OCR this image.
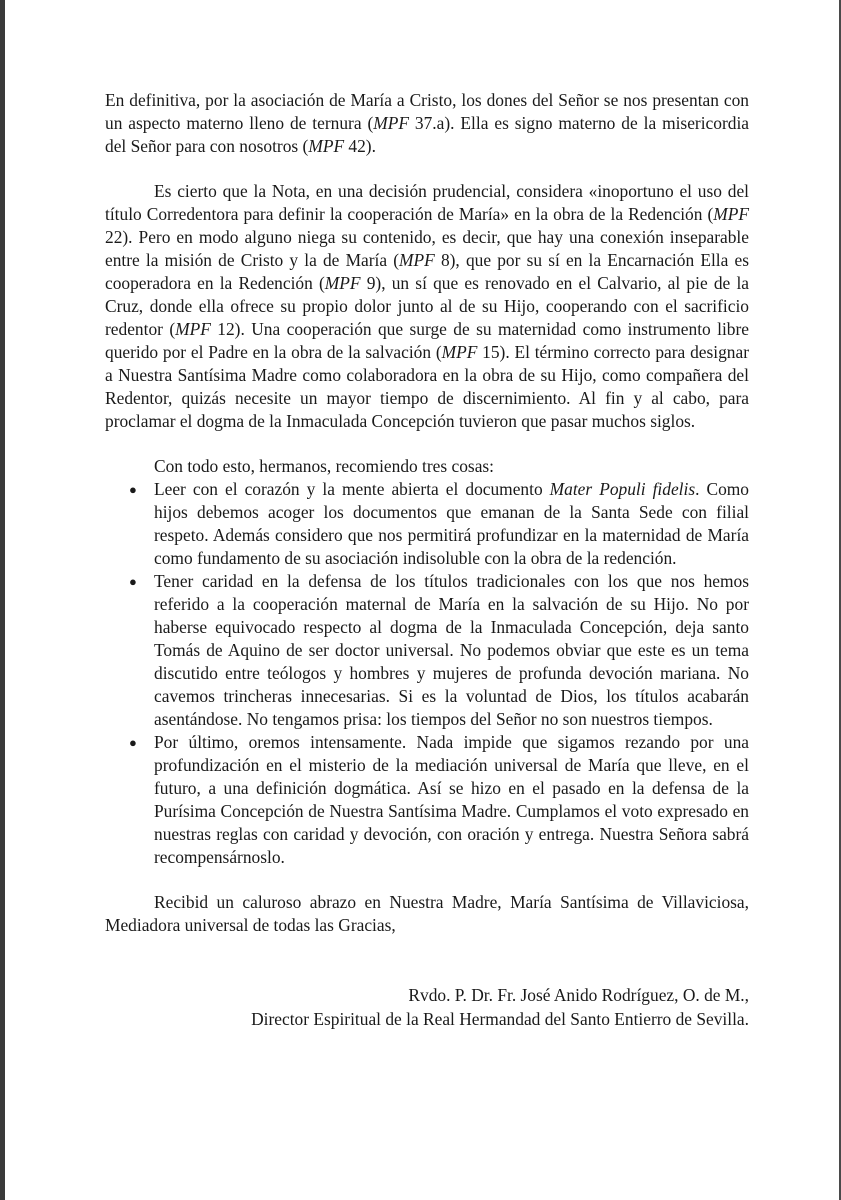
En definitiva, por la asociación de María a Cristo, los dones del Señor se nos presentan con un aspecto materno lleno de ternura (MPF 37.a). Ella es signo materno de la misericordia del Señor para con nosotros (MPF 42).

Es cierto que la Nota, en una decisión prudencial, considera «inoportuno el uso del título Corredentora para definir la cooperación de María» en la obra de la Redención (MPF 22). Pero en modo alguno niega su contenido, es decir, que hay una conexión inseparable entre la misión de Cristo y la de María (MPF 8), que por su sí en la Encarnación Ella es cooperadora en la Redención (MPF 9), un sí que es renovado en el Calvario, al pie de la Cruz, donde ella ofrece su propio dolor junto al de su Hijo, cooperando con el sacrificio redentor (MPF 12). Una cooperación que surge de su maternidad como instrumento libre querido por el Padre en la obra de la salvación (MPF 15). El término correcto para designar a Nuestra Santísima Madre como colaboradora en la obra de su Hijo, como compañera del Redentor, quizás necesite un mayor tiempo de discernimiento. Al fin y al cabo, para proclamar el dogma de la Inmaculada Concepción tuvieron que pasar muchos siglos.

Con todo esto, hermanos, recomiendo tres cosas:

● Leer con el corazón y la mente abierta el documento Mater Populi fidelis. Como hijos debemos acoger los documentos que emanan de la Santa Sede con filial respeto. Además considero que nos permitirá profundizar en la maternidad de María como fundamento de su asociación indisoluble con la obra de la redención.
● Tener caridad en la defensa de los títulos tradicionales con los que nos hemos referido a la cooperación maternal de María en la salvación de su Hijo. No por haberse equivocado respecto al dogma de la Inmaculada Concepción, deja santo Tomás de Aquino de ser doctor universal. No podemos obviar que este es un tema discutido entre teólogos y hombres y mujeres de profunda devoción mariana. No cavemos trincheras innecesarias. Si es la voluntad de Dios, los títulos acabarán asentándose. No tengamos prisa: los tiempos del Señor no son nuestros tiempos.
● Por último, oremos intensamente. Nada impide que sigamos rezando por una profundización en el misterio de la mediación universal de María que lleve, en el futuro, a una definición dogmática. Así se hizo en el pasado en la defensa de la Purísima Concepción de Nuestra Santísima Madre. Cumplamos el voto expresado en nuestras reglas con caridad y devoción, con oración y entrega. Nuestra Señora sabrá recompensárnoslo.

Recibid un caluroso abrazo en Nuestra Madre, María Santísima de Villaviciosa, Mediadora universal de todas las Gracias,

Rvdo. P. Dr. Fr. José Anido Rodríguez, O. de M.,
Director Espiritual de la Real Hermandad del Santo Entierro de Sevilla.
